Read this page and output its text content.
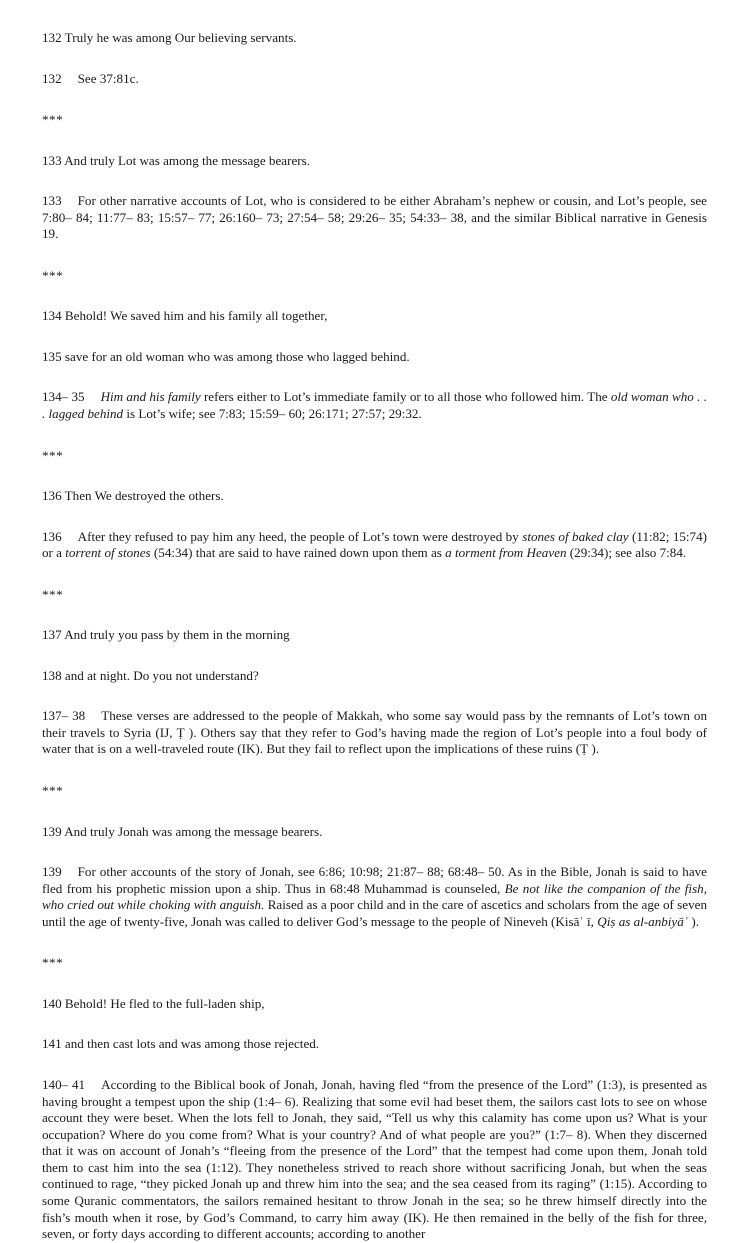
132 Truly he was among Our believing servants.

132 See 37:81c.

***

133 And truly Lot was among the message bearers.

133 For other narrative accounts of Lot, who is considered to be either Abraham’s nephew or cousin, and Lot’s people, see 7:80– 84; 11:77– 83; 15:57– 77; 26:160– 73; 27:54– 58; 29:26– 35; 54:33– 38, and the similar Biblical narrative in Genesis 19.

***

134 Behold! We saved him and his family all together,

135 save for an old woman who was among those who lagged behind.

134– 35 Him and his family refers either to Lot’s immediate family or to all those who followed him. The old woman who . . . lagged behind is Lot’s wife; see 7:83; 15:59– 60; 26:171; 27:57; 29:32.

***

136 Then We destroyed the others.

136 After they refused to pay him any heed, the people of Lot’s town were destroyed by stones of baked clay (11:82; 15:74) or a torrent of stones (54:34) that are said to have rained down upon them as a torment from Heaven (29:34); see also 7:84.

***

137 And truly you pass by them in the morning

138 and at night. Do you not understand?

137– 38 These verses are addressed to the people of Makkah, who some say would pass by the remnants of Lot’s town on their travels to Syria (IJ, Ṭ ). Others say that they refer to God’s having made the region of Lot’s people into a foul body of water that is on a well-traveled route (IK). But they fail to reflect upon the implications of these ruins (Ṭ ).

***

139 And truly Jonah was among the message bearers.

139 For other accounts of the story of Jonah, see 6:86; 10:98; 21:87– 88; 68:48– 50. As in the Bible, Jonah is said to have fled from his prophetic mission upon a ship. Thus in 68:48 Muhammad is counseled, Be not like the companion of the fish, who cried out while choking with anguish. Raised as a poor child and in the care of ascetics and scholars from the age of seven until the age of twenty-five, Jonah was called to deliver God’s message to the people of Nineveh (Kisāʾ ī, Qiṣ as al-anbiyāʾ ).

***

140 Behold! He fled to the full-laden ship,

141 and then cast lots and was among those rejected.

140– 41 According to the Biblical book of Jonah, Jonah, having fled “from the presence of the Lord” (1:3), is presented as having brought a tempest upon the ship (1:4– 6). Realizing that some evil had beset them, the sailors cast lots to see on whose account they were beset. When the lots fell to Jonah, they said, “Tell us why this calamity has come upon us? What is your occupation? Where do you come from? What is your country? And of what people are you?” (1:7– 8). When they discerned that it was on account of Jonah’s “fleeing from the presence of the Lord” that the tempest had come upon them, Jonah told them to cast him into the sea (1:12). They nonetheless strived to reach shore without sacrificing Jonah, but when the seas continued to rage, “they picked Jonah up and threw him into the sea; and the sea ceased from its raging” (1:15). According to some Quranic commentators, the sailors remained hesitant to throw Jonah in the sea; so he threw himself directly into the fish’s mouth when it rose, by God’s Command, to carry him away (IK). He then remained in the belly of the fish for three, seven, or forty days according to different accounts; according to another
